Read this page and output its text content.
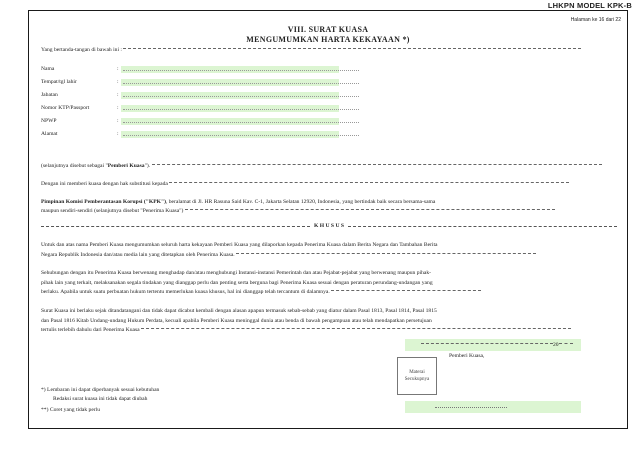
LHKPN MODEL KPK-B
Halaman ke 16 dari 22
VIII. SURAT KUASA
MENGUMUMKAN HARTA KEKAYAAN *)
Yang bertanda-tangan di bawah ini :
Nama	:
Tempat/tgl lahir	:
Jabatan	:
Nomor KTP/Passport	:
NPWP	:
Alamat	:
(selanjutnya disebut sebagai "Pemberi Kuasa").
Dengan ini memberi kuasa dengan hak substitusi kepada
Pimpinan Komisi Pemberantasan Korupsi ("KPK"), beralamat di Jl. HR Rasuna Said Kav. C-1, Jakarta Selatan 12920, Indonesia, yang bertindak baik secara bersama-sama
maupun sendiri-sendiri (selanjutnya disebut "Penerima Kuasa")
K H U S U S
Untuk dan atas nama Pemberi Kuasa mengumumkan seluruh harta kekayaan Pemberi Kuasa yang dilaporkan kepada Penerima Kuasa dalam Berita Negara dan Tambahan Berita
Negara Republik Indonesia dan/atau media lain yang ditetapkan oleh Penerima Kuasa.
Sehubungan dengan itu Penerima Kuasa berwenang menghadap dan/atau menghubungi Instansi-instansi Pemerintah dan atau Pejabat-pejabat yang berwenang maupun pihak-
pihak lain yang terkait, melaksanakan segala tindakan yang dianggap perlu dan penting serta berguna bagi Penerima Kuasa sesuai dengan peraturan perundang-undangan yang
berlaku. Apabila untuk suatu perbuatan hukum tertentu memerlukan kuasa khusus, hal ini dianggap telah tercantum di dalamnya.
Surat Kuasa ini berlaku sejak ditandatangani dan tidak dapat dicabut kembali dengan alasan apapun termasuk sebab-sebab yang diatur dalam Pasal 1813, Pasal 1814, Pasal 1815
dan Pasal 1816 Kitab Undang-undang Hukum Perdata, kecuali apabila Pemberi Kuasa meninggal dunia atau benda di bawah pengampuan atau telah mendapatkan persetujuan
tertulis terlebih dahulu dari Penerima Kuasa
20
Pemberi Kuasa,
Materai
Secukupnya
*) Lembaran ini dapat diperbanyak sesuai kebutuhan
Redaksi surat kuasa ini tidak dapat diubah
**) Coret yang tidak perlu
